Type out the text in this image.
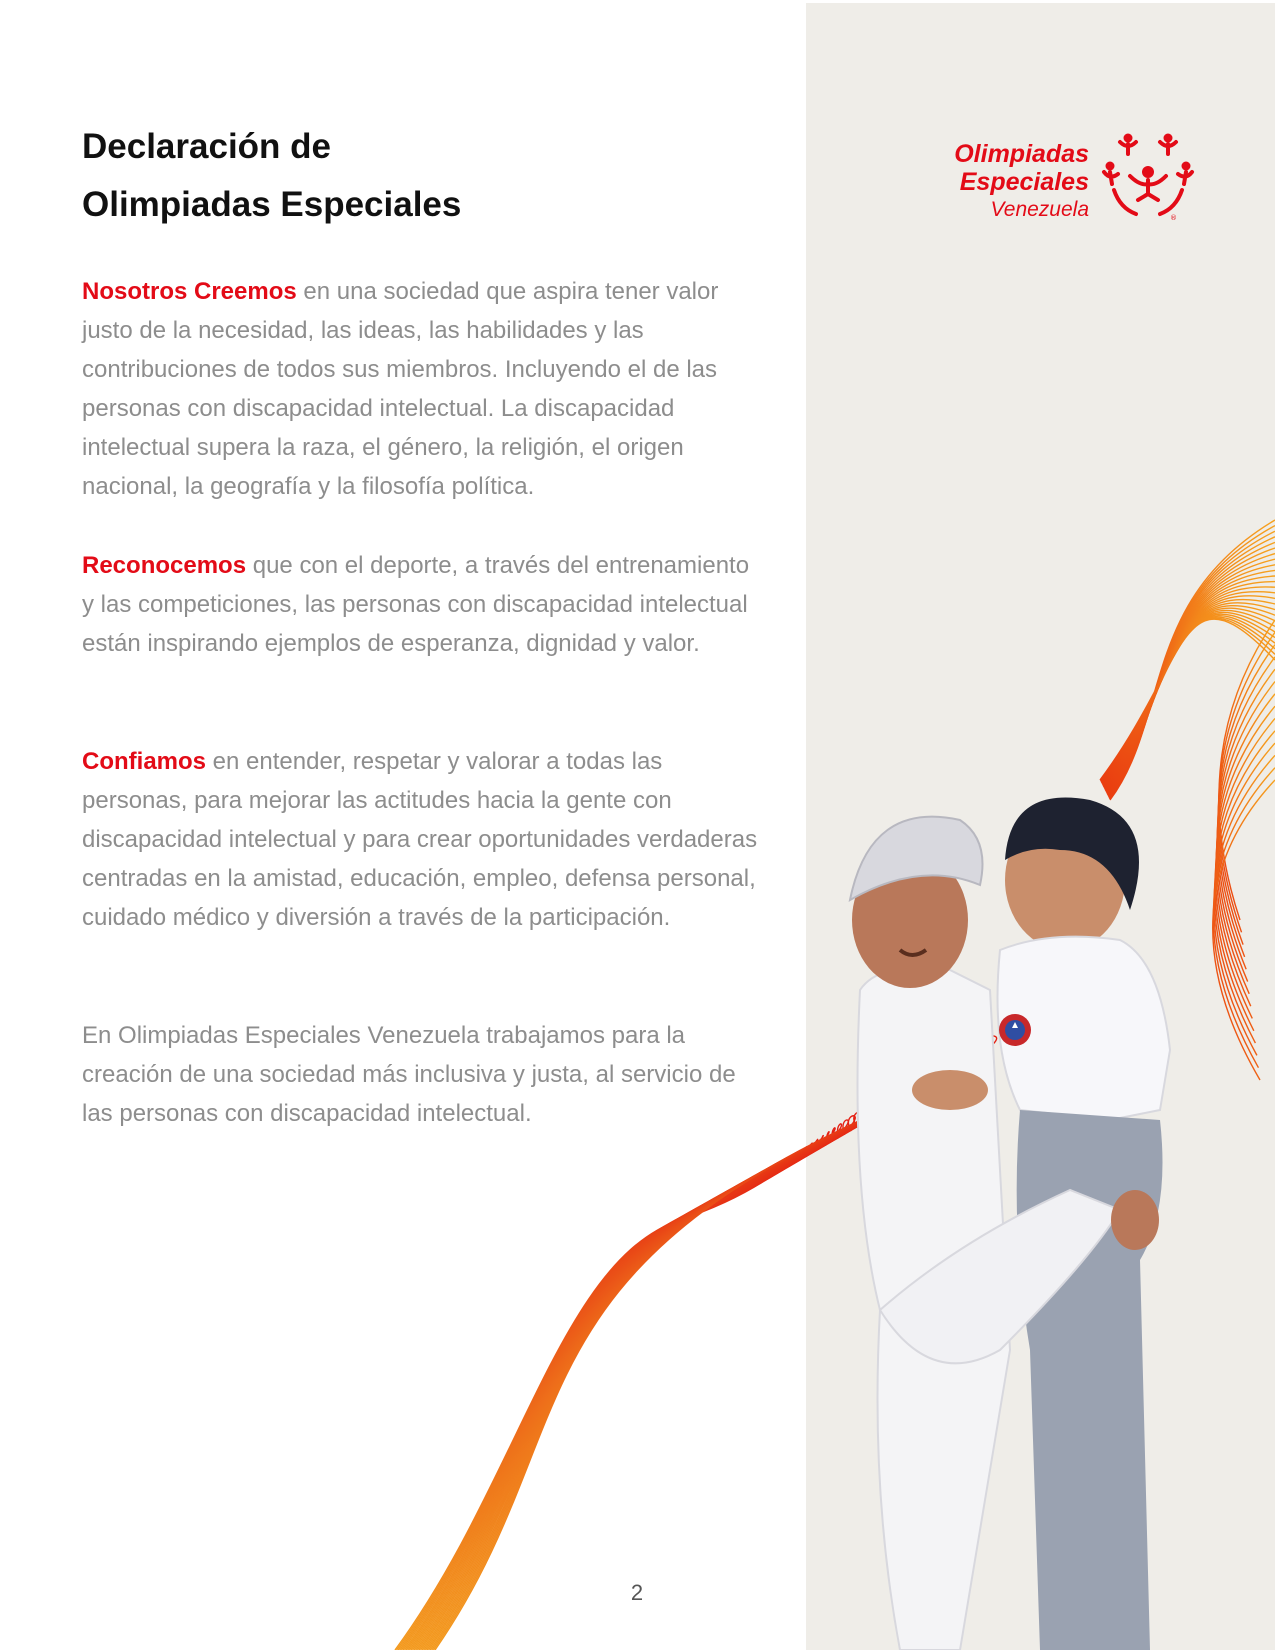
Declaración de
Olimpiadas Especiales

Nosotros Creemos en una sociedad que aspira tener valor justo de la necesidad, las ideas, las habilidades y las contribuciones de todos sus miembros. Incluyendo el de las personas con discapacidad intelectual. La discapacidad intelectual supera la raza, el género, la religión, el origen nacional, la geografía y la filosofía política.

Reconocemos que con el deporte, a través del entrenamiento y las competiciones, las personas con discapacidad intelectual están inspirando ejemplos de esperanza, dignidad y valor.

Confiamos en entender, respetar y valorar a todas las personas, para mejorar las actitudes hacia la gente con discapacidad intelectual y para crear oportunidades verdaderas centradas en la amistad, educación, empleo, defensa personal, cuidado médico y diversión a través de la participación.

En Olimpiadas Especiales Venezuela trabajamos para la creación de una sociedad más inclusiva y justa, al servicio de las personas con discapacidad intelectual.

Olimpiadas
Especiales
Venezuela	®
2
